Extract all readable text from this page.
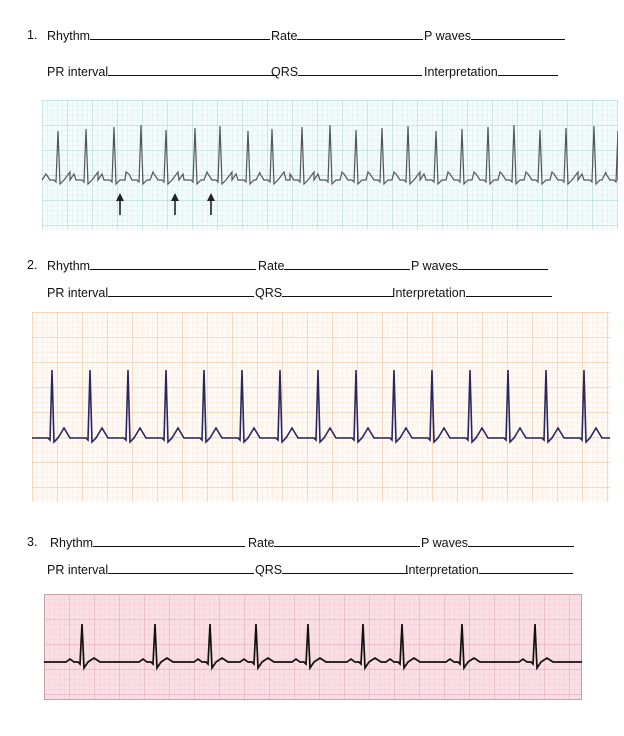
1. Rhythm	Rate	P waves
PR interval	QRS	Interpretation
2. Rhythm	Rate	P waves
PR interval	QRS	Interpretation
3. Rhythm	Rate	P waves
PR interval	QRS	Interpretation
